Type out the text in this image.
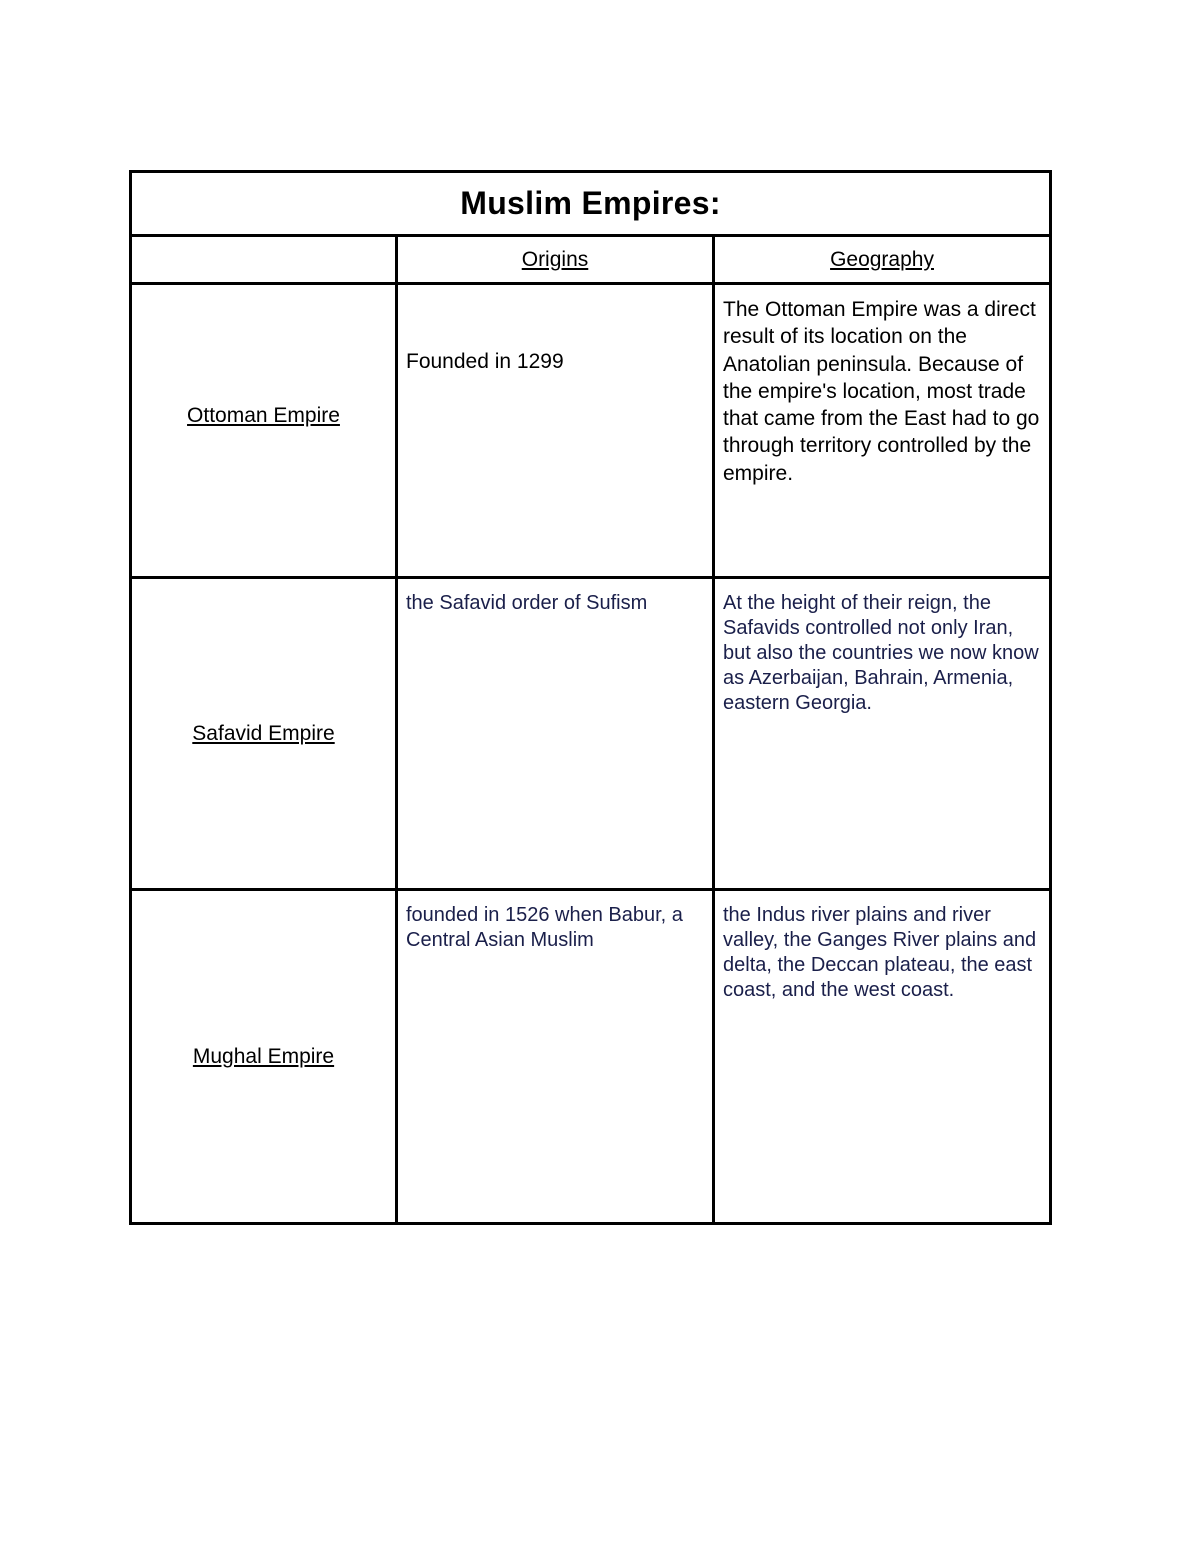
Muslim Empires:		
	Origins	Geography
Ottoman Empire	Founded in 1299	The Ottoman Empire was a direct result of its location on the Anatolian peninsula. Because of the empire's location, most trade that came from the East had to go through territory controlled by the empire.
Safavid Empire	the Safavid order of Sufism	At the height of their reign, the Safavids controlled not only Iran, but also the countries we now know as Azerbaijan, Bahrain, Armenia, eastern Georgia.
Mughal Empire	founded in 1526 when Babur, a Central Asian Muslim	the Indus river plains and river valley, the Ganges River plains and delta, the Deccan plateau, the east coast, and the west coast.
